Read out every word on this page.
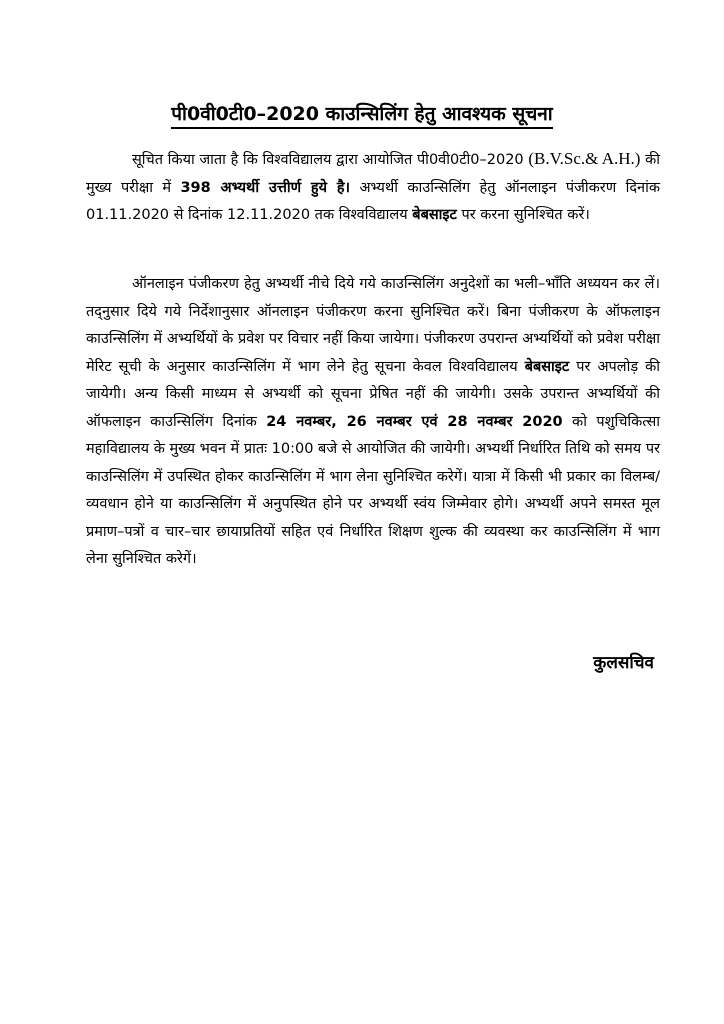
पी0वी0टी0–2020 काउन्सिलिंग हेतु आवश्यक सूचना

सूचित किया जाता है कि विश्वविद्यालय द्वारा आयोजित पी0वी0टी0–2020 (B.V.Sc.& A.H.) की मुख्य परीक्षा में 398 अभ्यर्थी उत्तीर्ण हुये है। अभ्यर्थी काउन्सिलिंग हेतु ऑनलाइन पंजीकरण दिनांक 01.11.2020 से दिनांक 12.11.2020 तक विश्वविद्यालय बेबसाइट पर करना सुनिश्चित करें।

ऑनलाइन पंजीकरण हेतु अभ्यर्थी नीचे दिये गये काउन्सिलिंग अनुदेशों का भली–भाँति अध्ययन कर लें। तद्नुसार दिये गये निर्देशानुसार ऑनलाइन पंजीकरण करना सुनिश्चित करें। बिना पंजीकरण के ऑफलाइन काउन्सिलिंग में अभ्यर्थियों के प्रवेश पर विचार नहीं किया जायेगा। पंजीकरण उपरान्त अभ्यर्थियों को प्रवेश परीक्षा मेरिट सूची के अनुसार काउन्सिलिंग में भाग लेने हेतु सूचना केवल विश्वविद्यालय बेबसाइट पर अपलोड़ की जायेगी। अन्य किसी माध्यम से अभ्यर्थी को सूचना प्रेषित नहीं की जायेगी। उसके उपरान्त अभ्यर्थियों की ऑफलाइन काउन्सिलिंग दिनांक 24 नवम्बर, 26 नवम्बर एवं 28 नवम्बर 2020 को पशुचिकित्सा महाविद्यालय के मुख्य भवन में प्रातः 10:00 बजे से आयोजित की जायेगी। अभ्यर्थी निर्धारित तिथि को समय पर काउन्सिलिंग में उपस्थित होकर काउन्सिलिंग में भाग लेना सुनिश्चित करेगें। यात्रा में किसी भी प्रकार का विलम्ब/व्यवधान होने या काउन्सिलिंग में अनुपस्थित होने पर अभ्यर्थी स्वंय जिम्मेवार होगे। अभ्यर्थी अपने समस्त मूल प्रमाण–पत्रों व चार–चार छायाप्रतियों सहित एवं निर्धारित शिक्षण शुल्क की व्यवस्था कर काउन्सिलिंग में भाग लेना सुनिश्चित करेगें।

कुलसचिव
